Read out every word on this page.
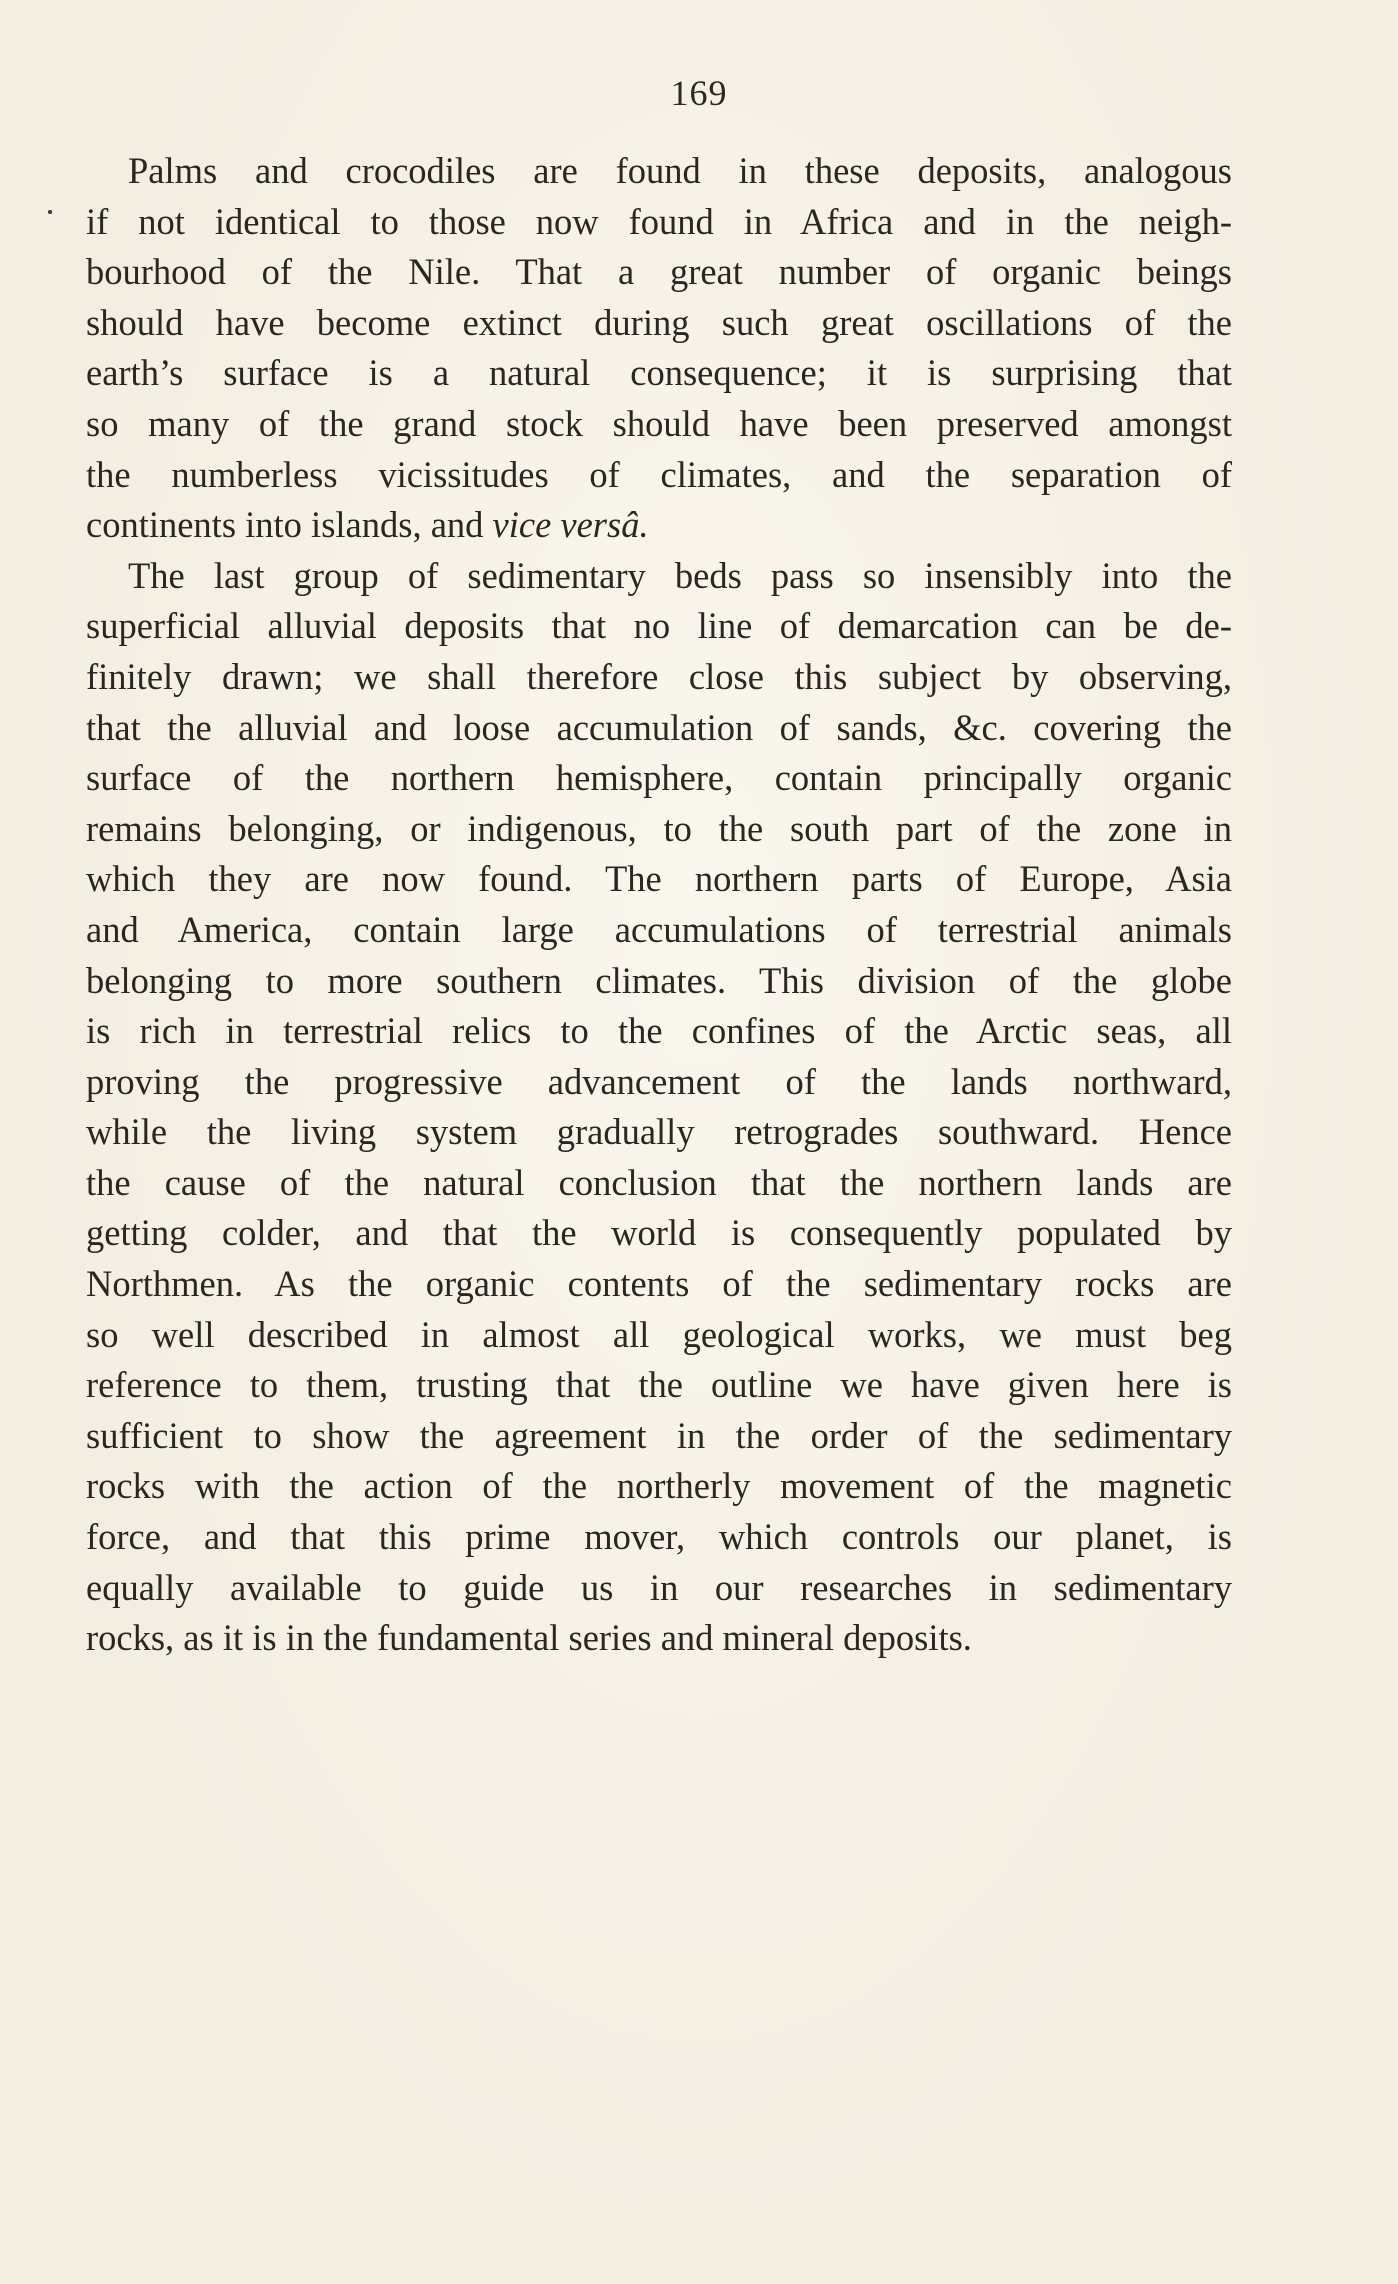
169
Palms and crocodiles are found in these deposits, analogous
if not identical to those now found in Africa and in the neigh-
bourhood of the Nile. That a great number of organic beings
should have become extinct during such great oscillations of the
earth’s surface is a natural consequence; it is surprising that
so many of the grand stock should have been preserved amongst
the numberless vicissitudes of climates, and the separation of
continents into islands, and vice versâ.
The last group of sedimentary beds pass so insensibly into the
superficial alluvial deposits that no line of demarcation can be de-
finitely drawn; we shall therefore close this subject by observing,
that the alluvial and loose accumulation of sands, &c. covering the
surface of the northern hemisphere, contain principally organic
remains belonging, or indigenous, to the south part of the zone in
which they are now found. The northern parts of Europe, Asia
and America, contain large accumulations of terrestrial animals
belonging to more southern climates. This division of the globe
is rich in terrestrial relics to the confines of the Arctic seas, all
proving the progressive advancement of the lands northward,
while the living system gradually retrogrades southward. Hence
the cause of the natural conclusion that the northern lands are
getting colder, and that the world is consequently populated by
Northmen. As the organic contents of the sedimentary rocks are
so well described in almost all geological works, we must beg
reference to them, trusting that the outline we have given here is
sufficient to show the agreement in the order of the sedimentary
rocks with the action of the northerly movement of the magnetic
force, and that this prime mover, which controls our planet, is
equally available to guide us in our researches in sedimentary
rocks, as it is in the fundamental series and mineral deposits.
